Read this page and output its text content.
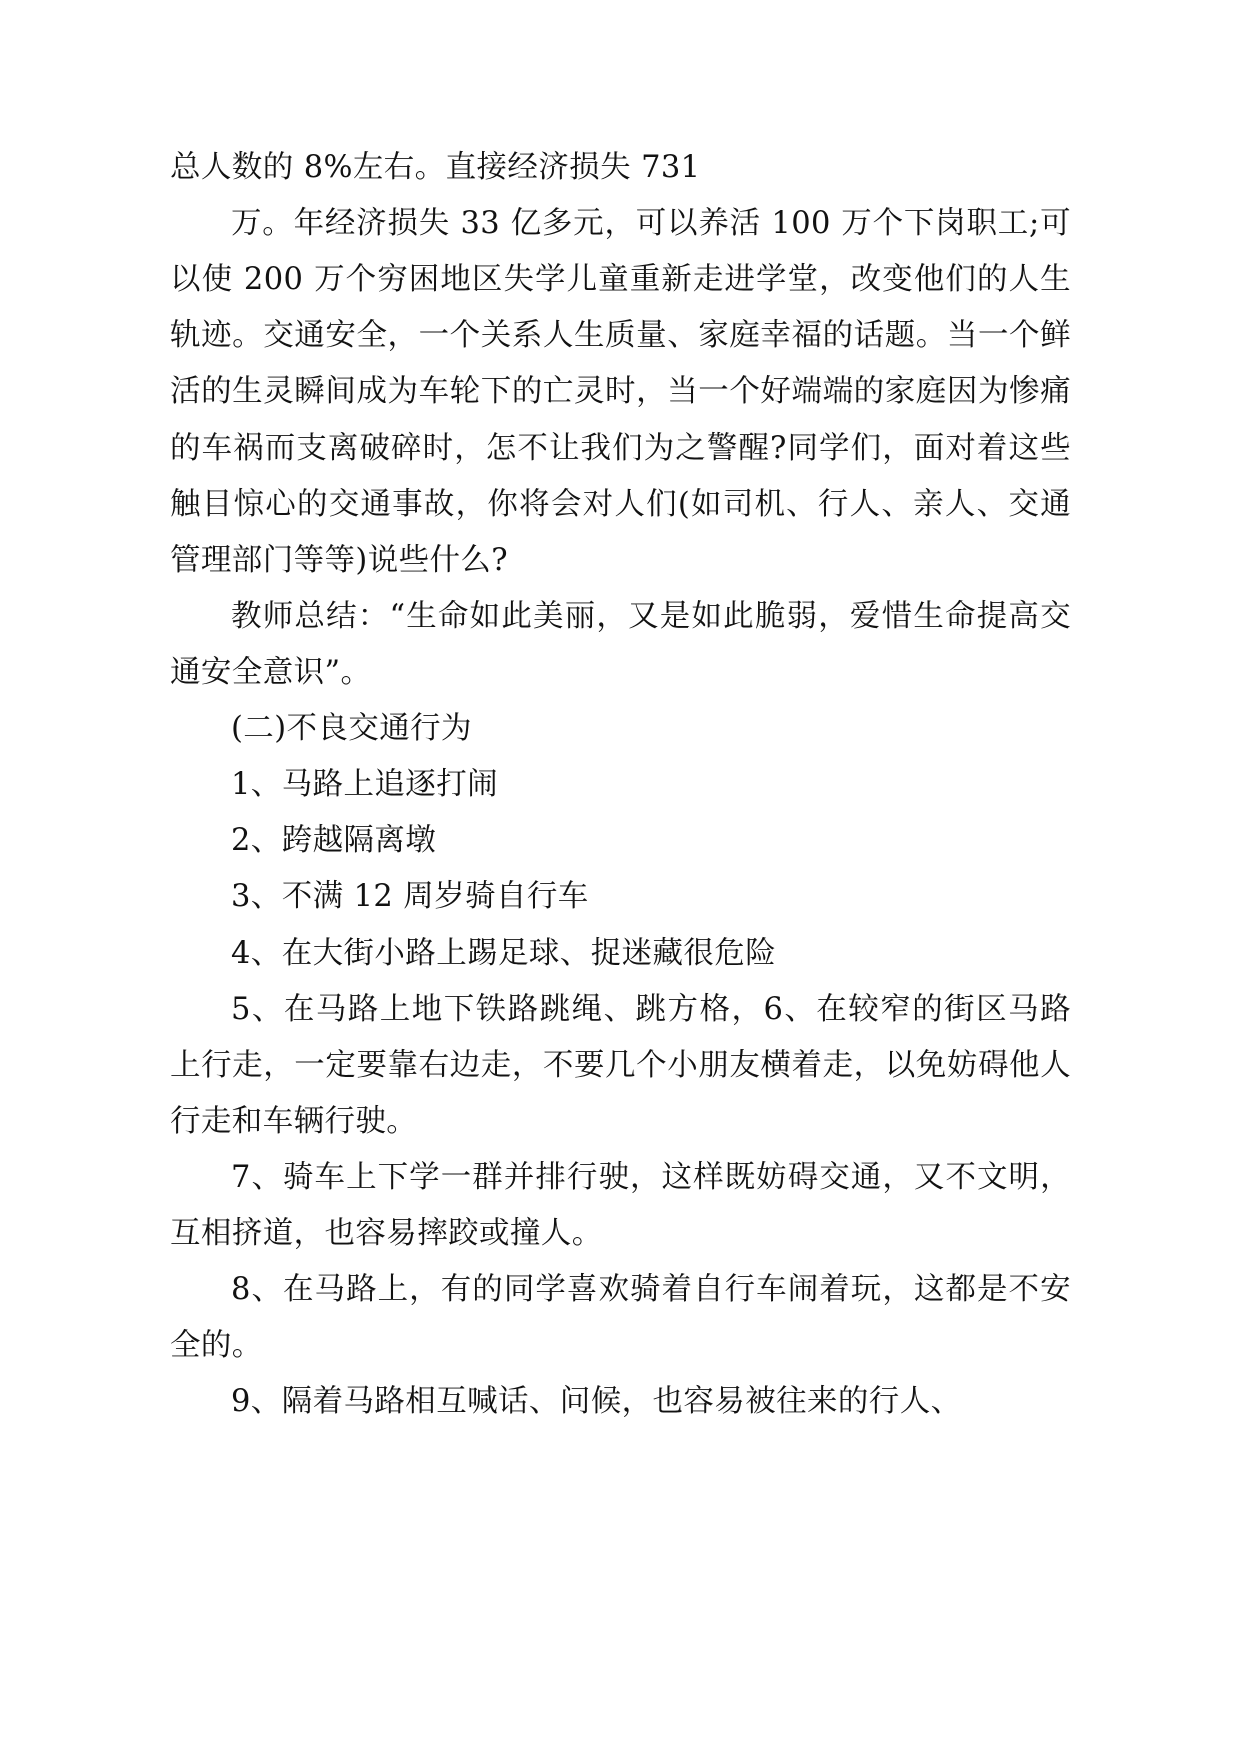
总人数的 8%左右。直接经济损失 731

万。年经济损失 33 亿多元，可以养活 100 万个下岗职工;可以使 200 万个穷困地区失学儿童重新走进学堂，改变他们的人生轨迹。交通安全，一个关系人生质量、家庭幸福的话题。当一个鲜活的生灵瞬间成为车轮下的亡灵时，当一个好端端的家庭因为惨痛的车祸而支离破碎时，怎不让我们为之警醒?同学们，面对着这些触目惊心的交通事故，你将会对人们(如司机、行人、亲人、交通管理部门等等)说些什么?

教师总结：“生命如此美丽，又是如此脆弱，爱惜生命提高交通安全意识”。

(二)不良交通行为

1、马路上追逐打闹

2、跨越隔离墩

3、不满 12 周岁骑自行车

4、在大街小路上踢足球、捉迷藏很危险

5、在马路上地下铁路跳绳、跳方格，6、在较窄的街区马路上行走，一定要靠右边走，不要几个小朋友横着走，以免妨碍他人行走和车辆行驶。

7、骑车上下学一群并排行驶，这样既妨碍交通，又不文明，互相挤道，也容易摔跤或撞人。

8、在马路上，有的同学喜欢骑着自行车闹着玩，这都是不安全的。

9、隔着马路相互喊话、问候，也容易被往来的行人、
